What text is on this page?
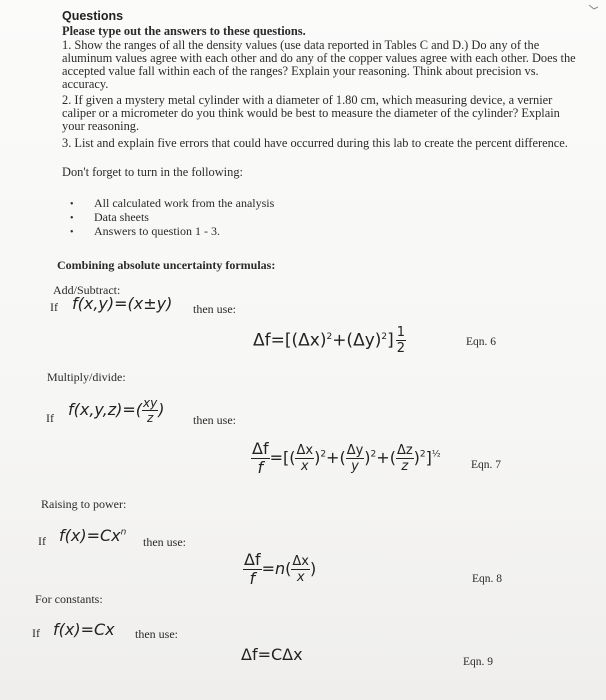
Questions
Please type out the answers to these questions.
1. Show the ranges of all the density values (use data reported in Tables C and D.) Do any of the
aluminum values agree with each other and do any of the copper values agree with each other. Does the
accepted value fall within each of the ranges? Explain your reasoning. Think about precision vs.
accuracy.
2. If given a mystery metal cylinder with a diameter of 1.80 cm, which measuring device, a vernier
caliper or a micrometer do you think would be best to measure the diameter of the cylinder? Explain
your reasoning.
3. List and explain five errors that could have occurred during this lab to create the percent difference.
Don't forget to turn in the following:
• All calculated work from the analysis
• Data sheets
• Answers to question 1 - 3.
Combining absolute uncertainty formulas:
Add/Subtract:
If f(x,y)=(x±y) then use:
$\Delta f=[(\Delta x)^2+(\Delta y)^2] \frac{1}{2}$	Eqn. 6
Multiply/divide:
If $f(x,y,z)=( \frac{xy}{z}$ )
then use:
$\frac{\Delta f}{f}$ =[( $\frac{\Delta x}{x} )^2+( \frac{\Delta y}{y} )^2+( \frac{\Delta z}{z} )^2]^{\frac{1}{2}}$
Eqn. 7
Raising to power:
If $f(x)=Cx^n$
then use:
$\frac{\Delta f}{f} =n( \frac{\Delta x}{x}$ )
Eqn. 8
For constants:
If f(x)=Cx then use:
Δf=CΔx	Eqn. 9
